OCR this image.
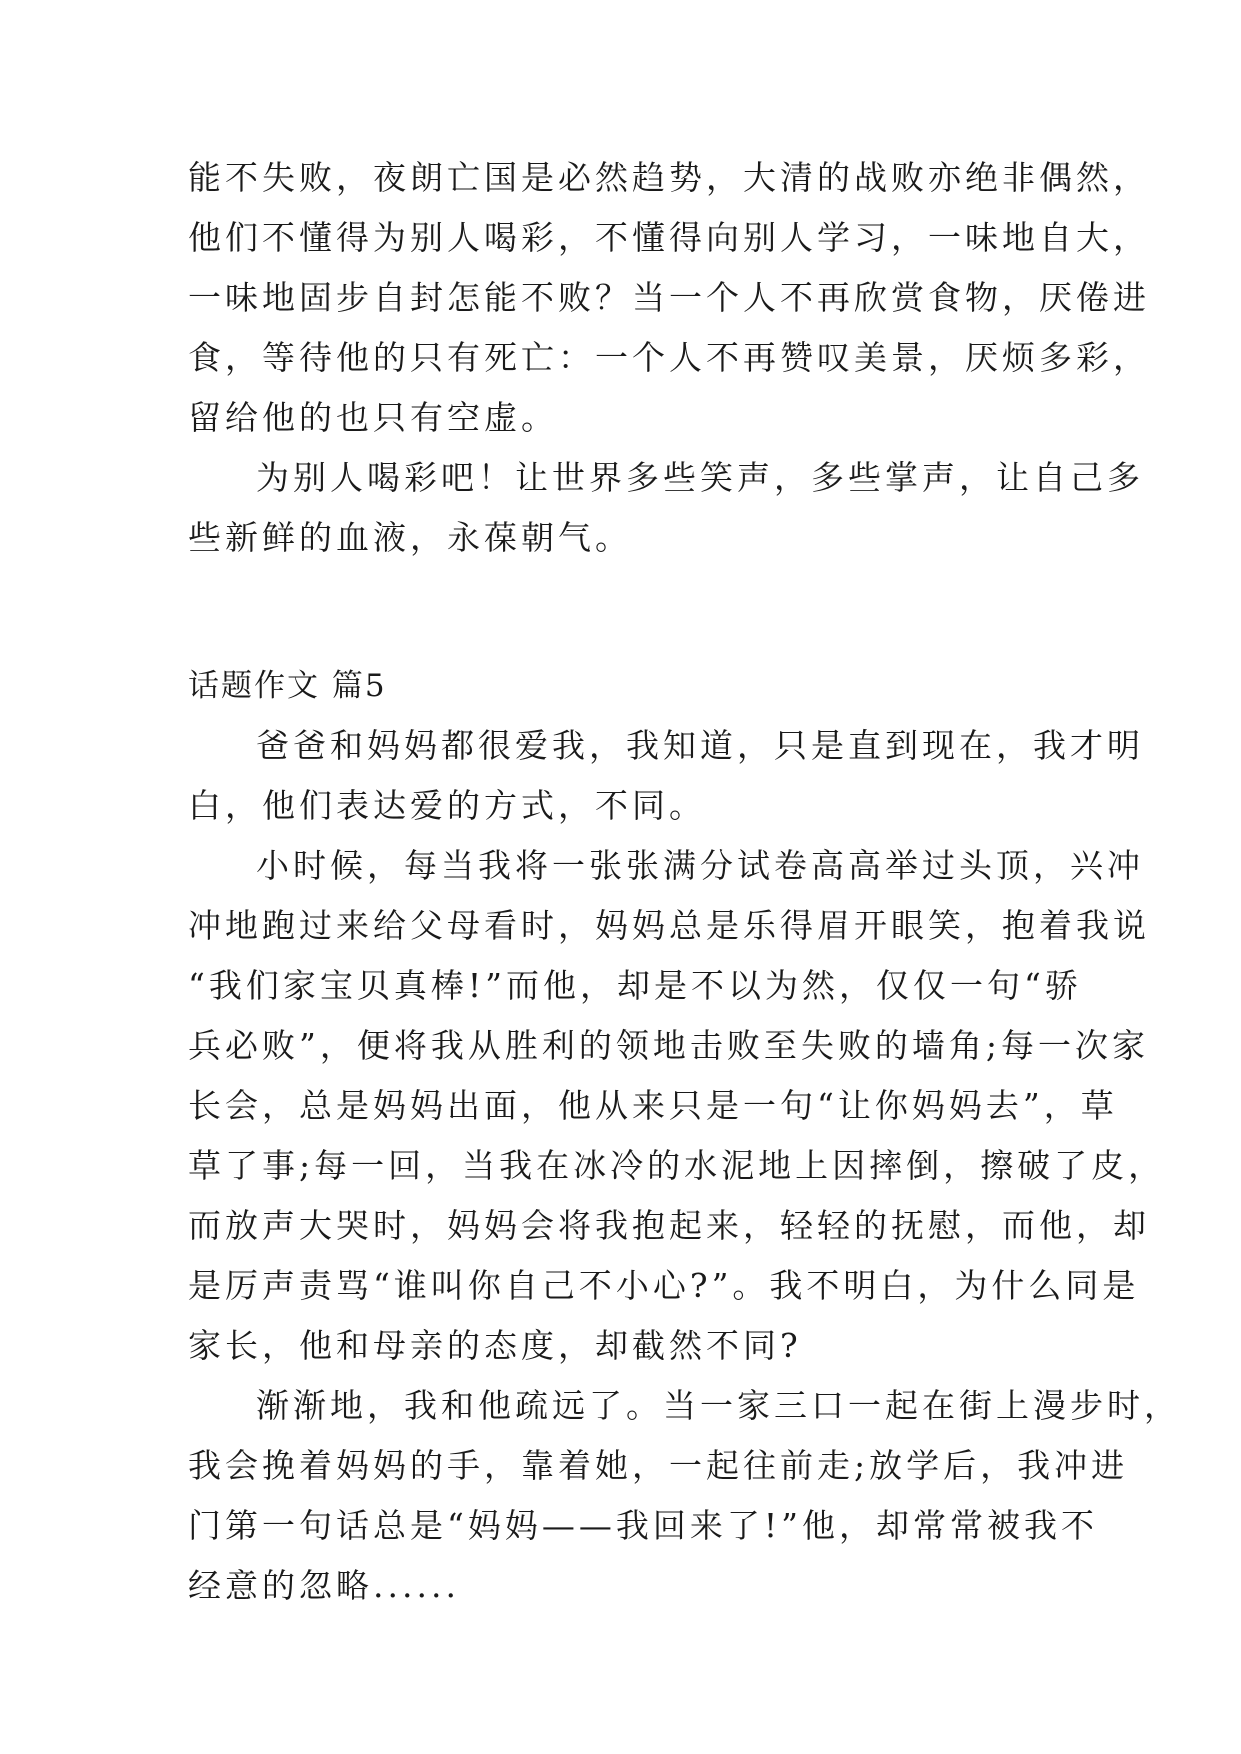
能不失败，夜朗亡国是必然趋势，大清的战败亦绝非偶然，
他们不懂得为别人喝彩，不懂得向别人学习，一味地自大，
一味地固步自封怎能不败？当一个人不再欣赏食物，厌倦进
食，等待他的只有死亡：一个人不再赞叹美景，厌烦多彩，
留给他的也只有空虚。
为别人喝彩吧！让世界多些笑声，多些掌声，让自己多
些新鲜的血液，永葆朝气。
话题作文 篇5
爸爸和妈妈都很爱我，我知道，只是直到现在，我才明
白，他们表达爱的方式，不同。
小时候，每当我将一张张满分试卷高高举过头顶，兴冲
冲地跑过来给父母看时，妈妈总是乐得眉开眼笑，抱着我说
“我们家宝贝真棒!”而他，却是不以为然，仅仅一句“骄
兵必败”，便将我从胜利的领地击败至失败的墙角;每一次家
长会，总是妈妈出面，他从来只是一句“让你妈妈去”，草
草了事;每一回，当我在冰冷的水泥地上因摔倒，擦破了皮，
而放声大哭时，妈妈会将我抱起来，轻轻的抚慰，而他，却
是厉声责骂“谁叫你自己不小心?”。我不明白，为什么同是
家长，他和母亲的态度，却截然不同?
渐渐地，我和他疏远了。当一家三口一起在街上漫步时，
我会挽着妈妈的手，靠着她，一起往前走;放学后，我冲进
门第一句话总是“妈妈——我回来了!”他，却常常被我不
经意的忽略......
